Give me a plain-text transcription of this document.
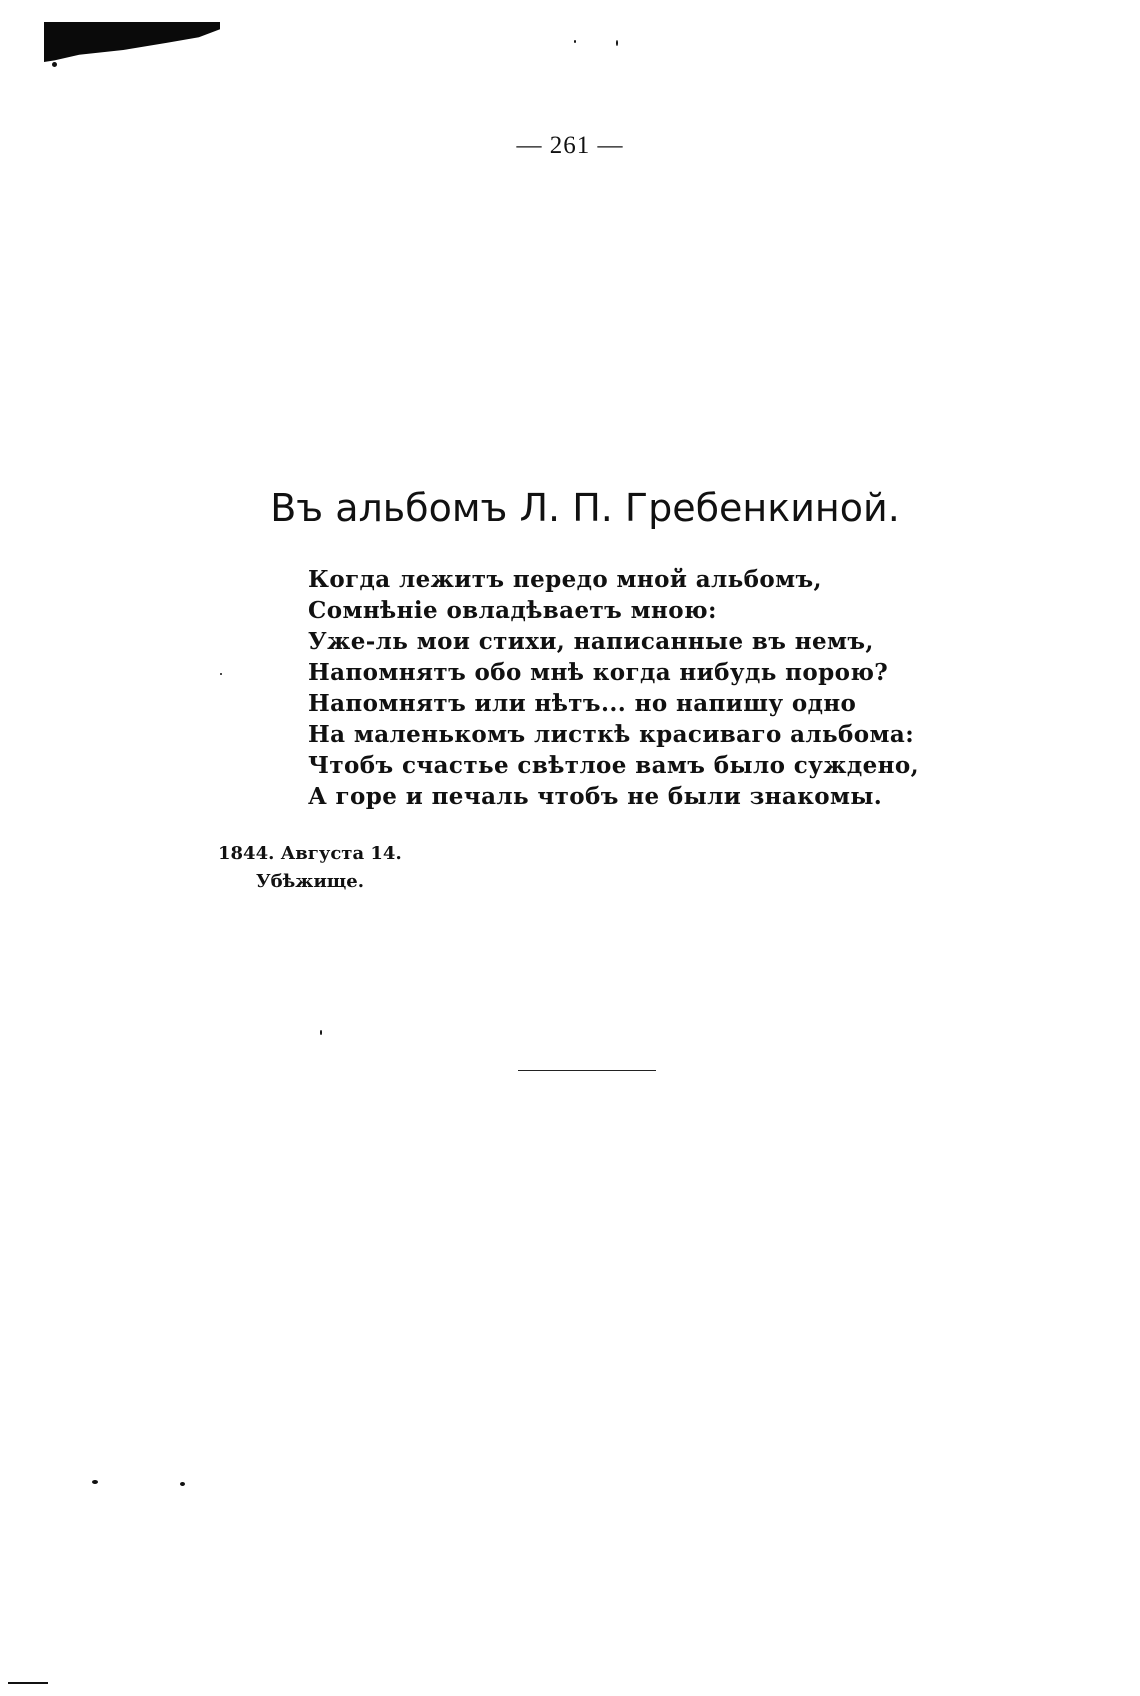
— 261 —
Въ альбомъ Л. П. Гребенкиной.
Когда лежитъ передо мной альбомъ,
Сомнѣніе овладѣваетъ мною:
Уже-ль мои стихи, написанные въ немъ,
Напомнятъ обо мнѣ когда нибудь порою?
Напомнятъ или нѣтъ... но напишу одно
На маленькомъ листкѣ красиваго альбома:
Чтобъ счастье свѣтлое вамъ было суждено,
А горе и печаль чтобъ не были знакомы.
1844. Августа 14.
Убѣжище.
